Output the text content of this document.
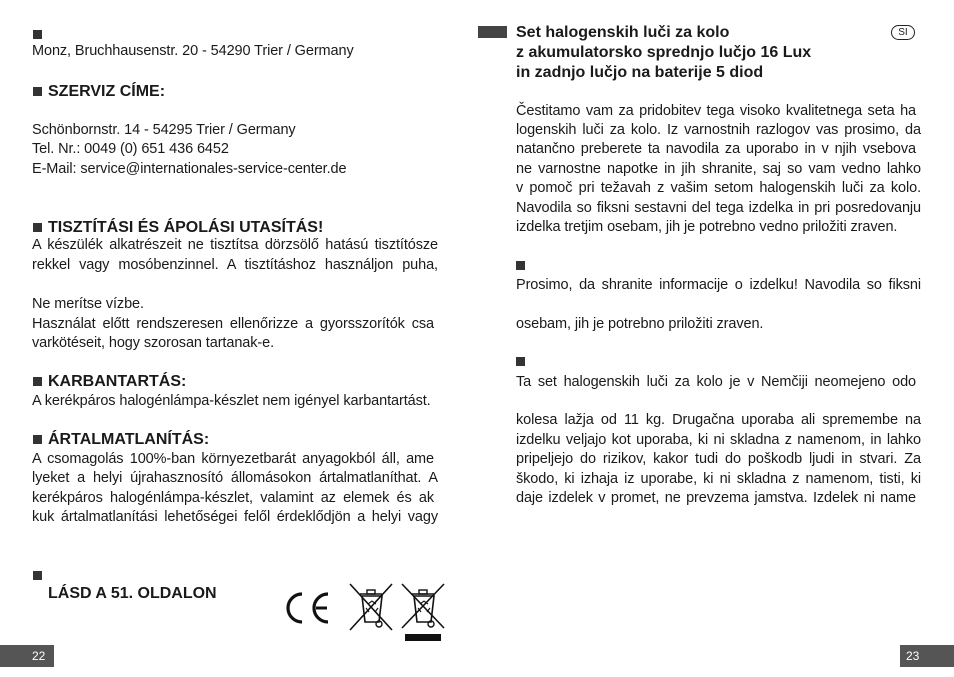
Monz, Bruchhausenstr. 20 - 54290 Trier / Germany
SZERVIZ CÍME:
Schönbornstr. 14 - 54295 Trier / Germany
Tel. Nr.: 0049 (0) 651 436 6452
E-Mail: service@internationales-service-center.de
TISZTÍTÁSI ÉS ÁPOLÁSI UTASÍTÁS!
A készülék alkatrészeit ne tisztítsa dörzsölő hatású tisztítósze
rekkel vagy mosóbenzinnel. A tisztításhoz használjon puha,
Ne merítse vízbe.
Használat előtt rendszeresen ellenőrizze a gyorsszorítók csa
varkötéseit, hogy szorosan tartanak-e.
KARBANTARTÁS:
A kerékpáros halogénlámpa-készlet nem igényel karbantartást.
ÁRTALMATLANÍTÁS:
A csomagolás 100%-ban környezetbarát anyagokból áll, ame
lyeket a helyi újrahasznosító állomásokon ártalmatlaníthat. A
kerékpáros halogénlámpa-készlet, valamint az elemek és ak
kuk ártalmatlanítási lehetőségei felől érdeklődjön a helyi vagy
LÁSD A 51. OLDALON
22
Set halogenskih luči za kolo	SI
z akumulatorsko sprednjo lučjo 16 Lux
in zadnjo lučjo na baterije 5 diod
Čestitamo vam za pridobitev tega visoko kvalitetnega seta ha
logenskih luči za kolo. Iz varnostnih razlogov vas prosimo, da
natančno preberete ta navodila za uporabo in v njih vsebova
ne varnostne napotke in jih shranite, saj so vam vedno lahko
v pomoč pri težavah z vašim setom halogenskih luči za kolo.
Navodila so fiksni sestavni del tega izdelka in pri posredovanju
izdelka tretjim osebam, jih je potrebno vedno priložiti zraven.
Prosimo, da shranite informacije o izdelku! Navodila so fiksni
osebam, jih je potrebno priložiti zraven.
Ta set halogenskih luči za kolo je v Nemčiji neomejeno odo
kolesa lažja od 11 kg. Drugačna uporaba ali spremembe na
izdelku veljajo kot uporaba, ki ni skladna z namenom, in lahko
pripeljejo do rizikov, kakor tudi do poškodb ljudi in stvari. Za
škodo, ki izhaja iz uporabe, ki ni skladna z namenom, tisti, ki
daje izdelek v promet, ne prevzema jamstva. Izdelek ni name
23
